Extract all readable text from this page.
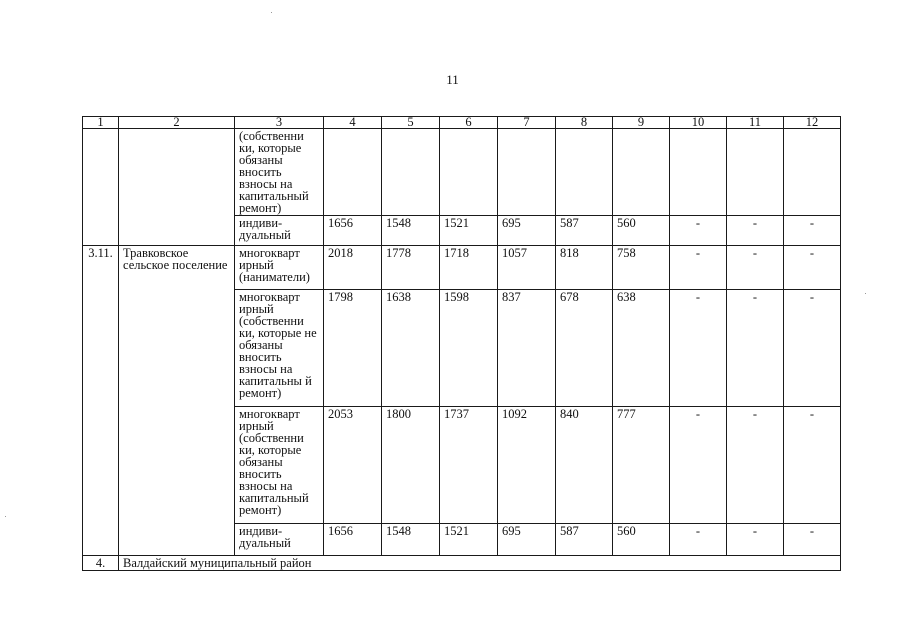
11
1	2	3	4	5	6	7	8	9	10	11	12
		(собственни ки, которые обязаны вносить взносы на капитальный ремонт)									
		индиви-дуальный	1656	1548	1521	695	587	560	-	-	-
3.11.	Травковское сельское поселение	многокварт ирный (наниматели)	2018	1778	1718	1057	818	758	-	-	-
		многокварт ирный (собственни ки, которые не обязаны вносить взносы на капитальны й ремонт)	1798	1638	1598	837	678	638	-	-	-
		многокварт ирный (собственни ки, которые обязаны вносить взносы на капитальный ремонт)	2053	1800	1737	1092	840	777	-	-	-
		индиви-дуальный	1656	1548	1521	695	587	560	-	-	-
4.	Валдайский муниципальный район										
